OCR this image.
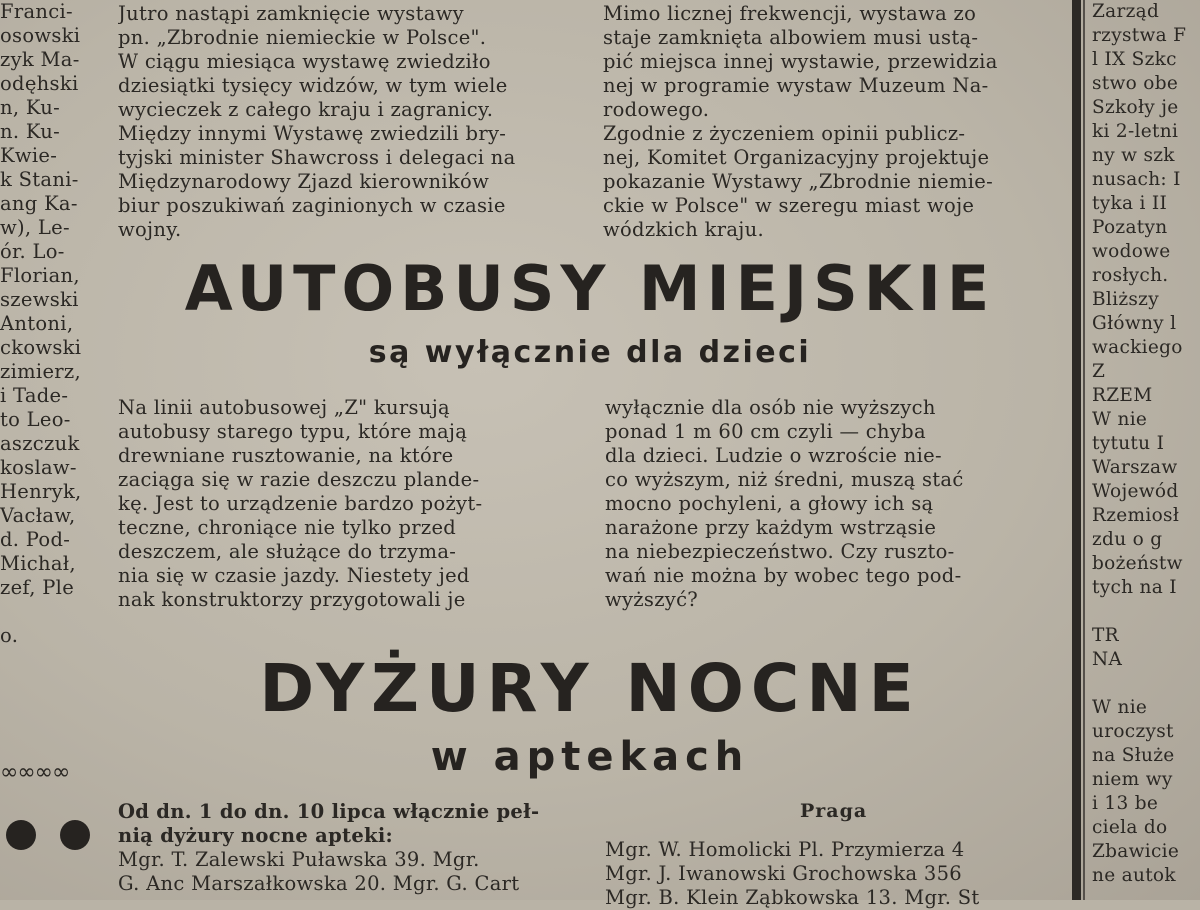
Franci-
osowski
zyk Ma-
odęhski
n, Ku-
n. Ku-
Kwie-
k Stani-
ang Ka-
w), Le-
ór. Lo-
Florian,
szewski
Antoni,
ckowski
zimierz,
i Tade-
to Leo-
aszczuk
koslaw-
Henryk,
Vacław,
d. Pod-
Michał,
zef, Ple

o.
Jutro nastąpi zamknięcie wystawy
pn. „Zbrodnie niemieckie w Polsce".
W ciągu miesiąca wystawę zwiedziło
dziesiątki tysięcy widzów, w tym wiele
wycieczek z całego kraju i zagranicy.
Między innymi Wystawę zwiedzili bry-
tyjski minister Shawcross i delegaci na
Międzynarodowy Zjazd kierowników
biur poszukiwań zaginionych w czasie
wojny.
Mimo licznej frekwencji, wystawa zo
staje zamknięta albowiem musi ustą-
pić miejsca innej wystawie, przewidzia
nej w programie wystaw Muzeum Na-
rodowego.
Zgodnie z życzeniem opinii publicz-
nej, Komitet Organizacyjny projektuje
pokazanie Wystawy „Zbrodnie niemie-
ckie w Polsce" w szeregu miast woje
wódzkich kraju.
AUTOBUSY MIEJSKIE
są wyłącznie dla dzieci
Na linii autobusowej „Z" kursują
autobusy starego typu, które mają
drewniane rusztowanie, na które
zaciąga się w razie deszczu plande-
kę. Jest to urządzenie bardzo pożyt-
teczne, chroniące nie tylko przed
deszczem, ale służące do trzyma-
nia się w czasie jazdy. Niestety jed
nak konstruktorzy przygotowali je
wyłącznie dla osób nie wyższych
ponad 1 m 60 cm czyli — chyba
dla dzieci. Ludzie o wzroście nie-
co wyższym, niż średni, muszą stać
mocno pochyleni, a głowy ich są
narażone przy każdym wstrząsie
na niebezpieczeństwo. Czy rusztо-
wań nie można by wobec tego pod-
wyższyć?
DYŻURY NOCNE
w aptekach
Od dn. 1 do dn. 10 lipca włącznie peł-
nią dyżury nocne apteki:
Mgr. T. Zalewski Puławska 39. Mgr.
G. Anc Marszałkowska 20. Mgr. G. Cart
Praga
Mgr. W. Homolicki Pl. Przymierza 4
Mgr. J. Iwanowski Grochowska 356
Mgr. B. Klein Ząbkowska 13. Mgr. St
∞∞∞∞
Zarząd
rzystwa F
l IX Szkc
stwo obe
Szkoły je
ki 2-letni
ny w szk
nusach: I
tyka i II
Pozatyn
wodowe
rosłych.
Bliższy
Główny l
wackiego
Z
RZEM
W nie
tytutu I
Warszaw
Wojewód
Rzemiosł
zdu o g
bożeństw
tych na I

TR
NA

W nie
uroczyst
na Służe
niem wy
i 13 be
ciela do
Zbawicie
ne autok
